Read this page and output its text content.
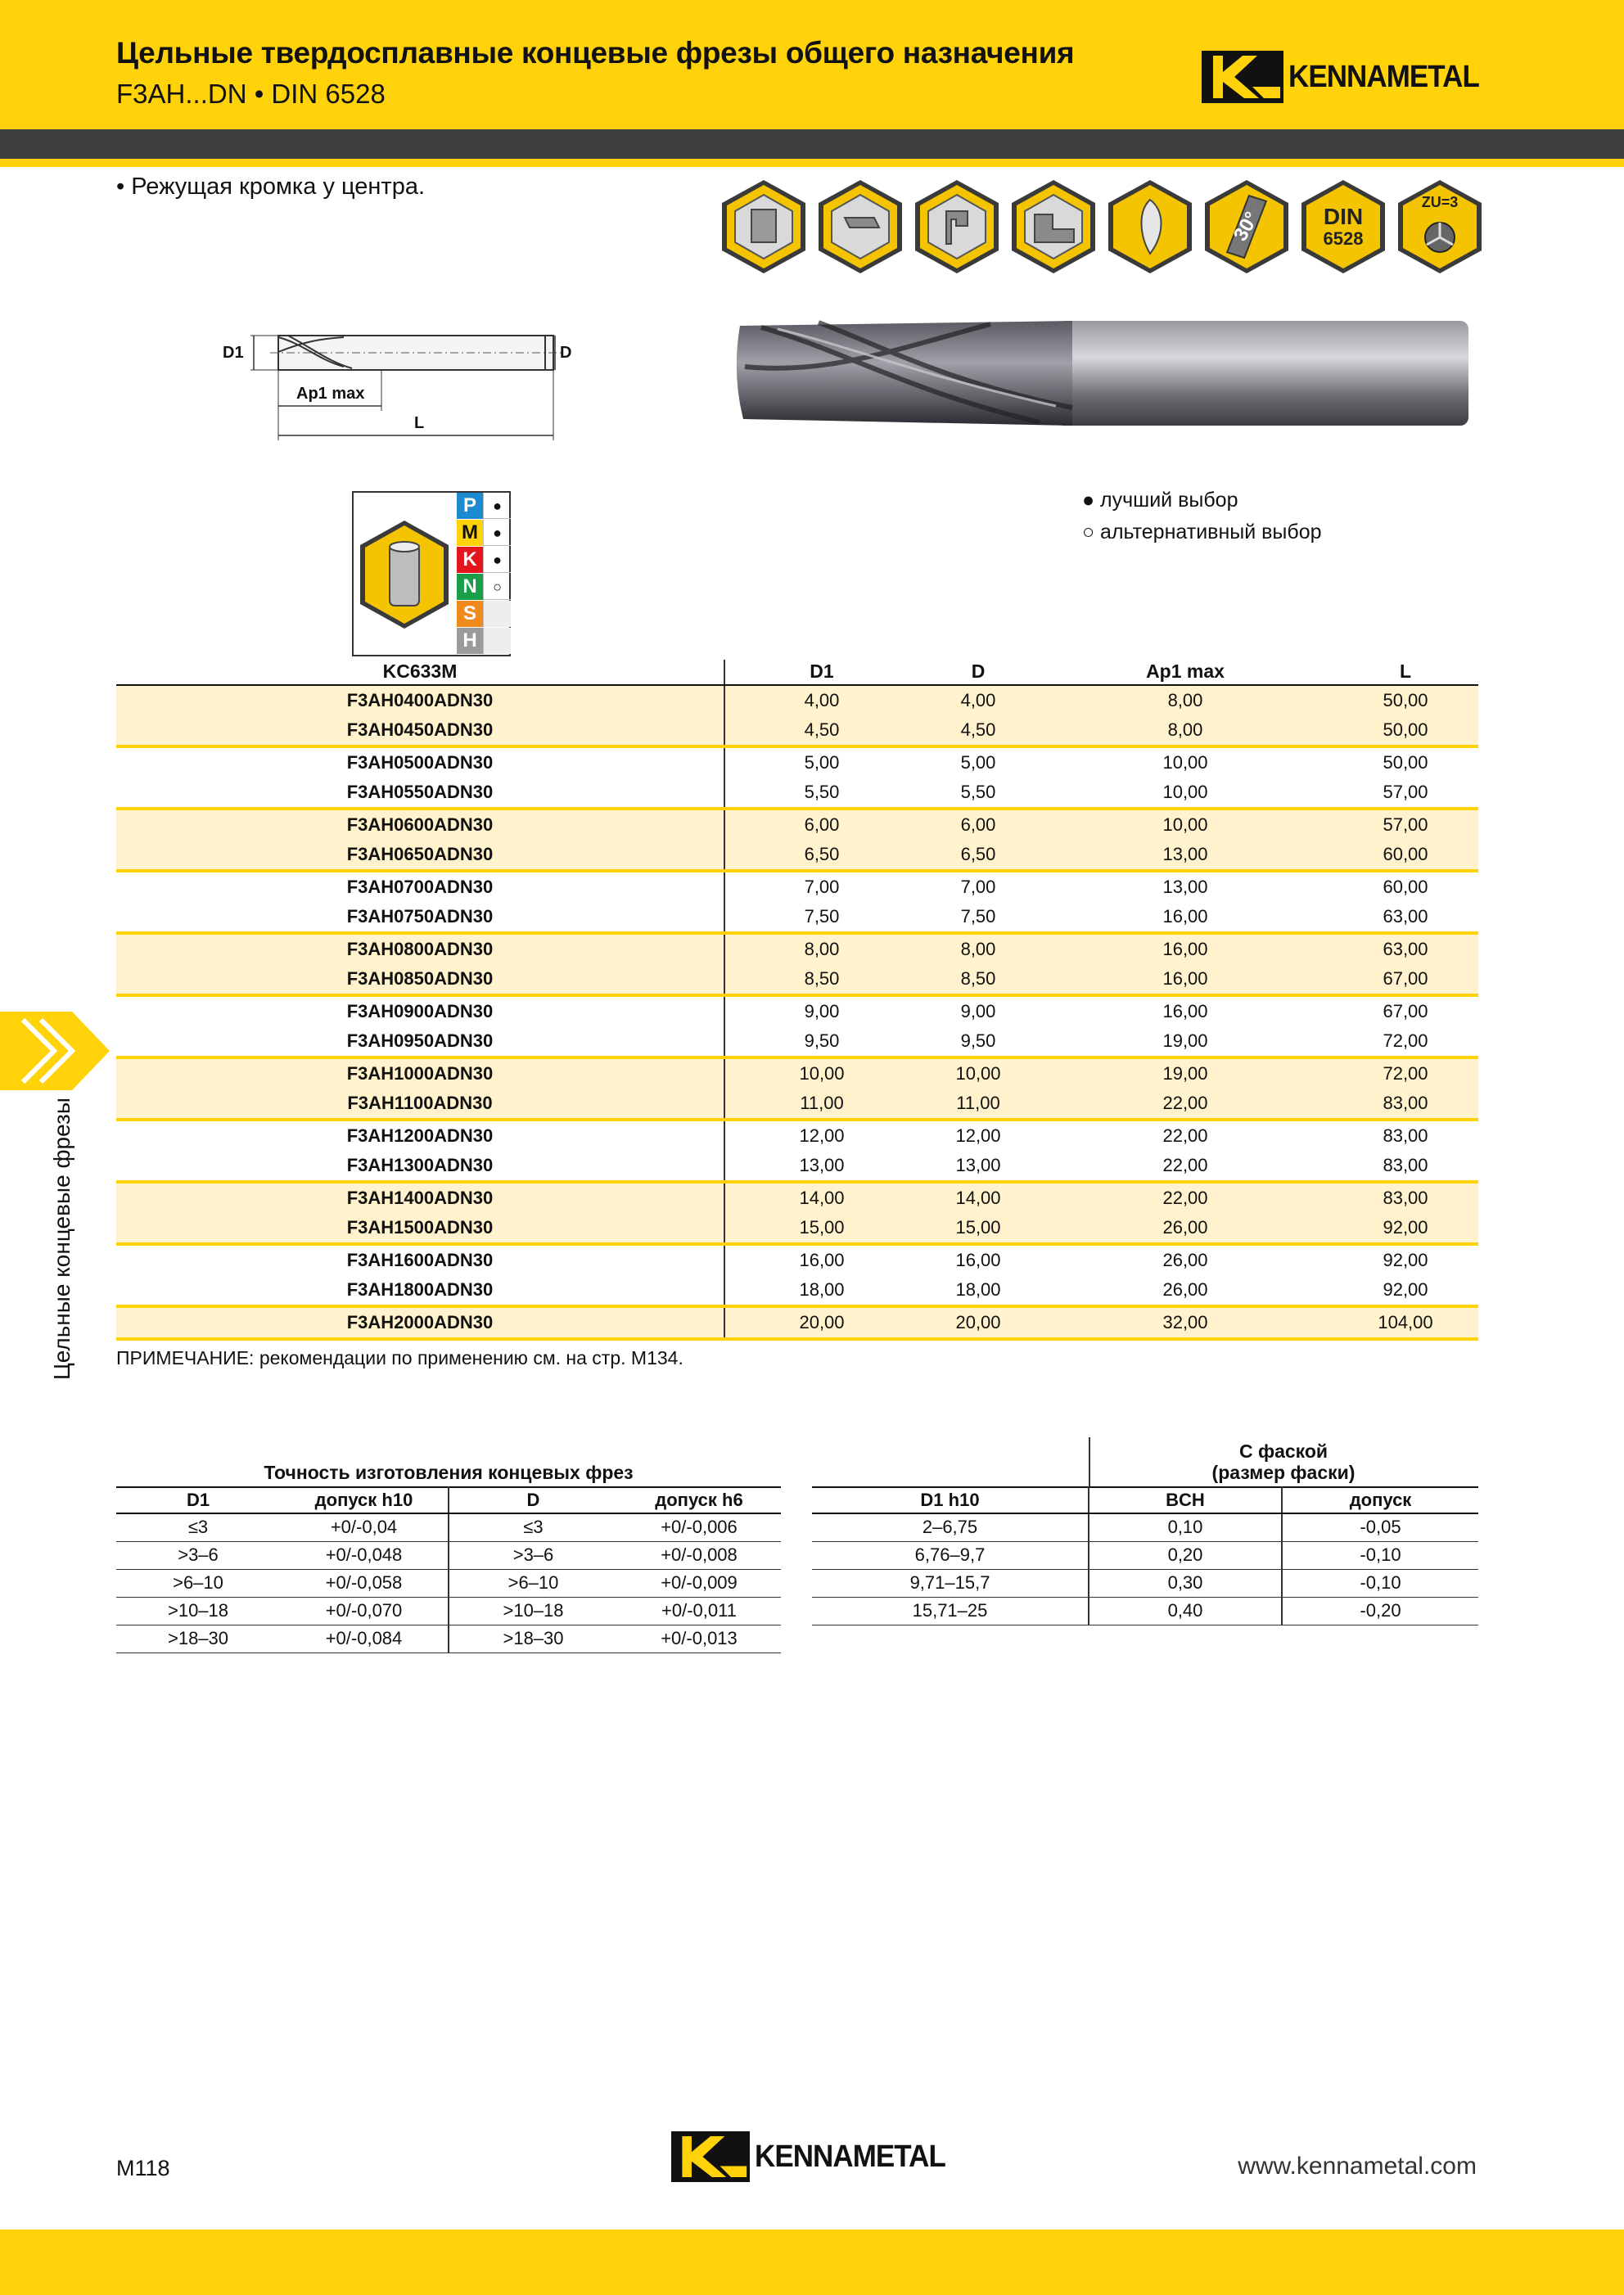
Цельные твердосплавные концевые фрезы общего назначения
F3AH...DN • DIN 6528	KENNAMETAL
• Режущая кромка у центра.
30°	DIN
6528
ZU=3
D1	D
Ap1 max
L
P	●
M	●
K	●
N	○
S
H
● лучший выбор
○ альтернативный выбор
KC633M	D1	D	Ap1 max	L
F3AH0400ADN30	4,00	4,00	8,00	50,00
F3AH0450ADN30	4,50	4,50	8,00	50,00
F3AH0500ADN30	5,00	5,00	10,00	50,00
F3AH0550ADN30	5,50	5,50	10,00	57,00
F3AH0600ADN30	6,00	6,00	10,00	57,00
F3AH0650ADN30	6,50	6,50	13,00	60,00
F3AH0700ADN30	7,00	7,00	13,00	60,00
F3AH0750ADN30	7,50	7,50	16,00	63,00
F3AH0800ADN30	8,00	8,00	16,00	63,00
F3AH0850ADN30	8,50	8,50	16,00	67,00
F3AH0900ADN30	9,00	9,00	16,00	67,00
F3AH0950ADN30	9,50	9,50	19,00	72,00
F3AH1000ADN30	10,00	10,00	19,00	72,00
F3AH1100ADN30	11,00	11,00	22,00	83,00
F3AH1200ADN30	12,00	12,00	22,00	83,00
F3AH1300ADN30	13,00	13,00	22,00	83,00
F3AH1400ADN30	14,00	14,00	22,00	83,00
F3AH1500ADN30	15,00	15,00	26,00	92,00
F3AH1600ADN30	16,00	16,00	26,00	92,00
F3AH1800ADN30	18,00	18,00	26,00	92,00
F3AH2000ADN30	20,00	20,00	32,00	104,00
ПРИМЕЧАНИЕ: рекомендации по применению см. на стр. M134.
Цельные концевые фрезы
Точность изготовления концевых фрез
D1	допуск h10	D	допуск h6
≤3	+0/-0,04	≤3	+0/-0,006
>3–6	+0/-0,048	>3–6	+0/-0,008
>6–10	+0/-0,058	>6–10	+0/-0,009
>10–18	+0/-0,070	>10–18	+0/-0,011
>18–30	+0/-0,084	>18–30	+0/-0,013
С фаской
(размер фаски)
D1 h10	BCH	допуск
2–6,75	0,10	-0,05
6,76–9,7	0,20	-0,10
9,71–15,7	0,30	-0,10
15,71–25	0,40	-0,20
M118	KENNAMETAL	www.kennametal.com
